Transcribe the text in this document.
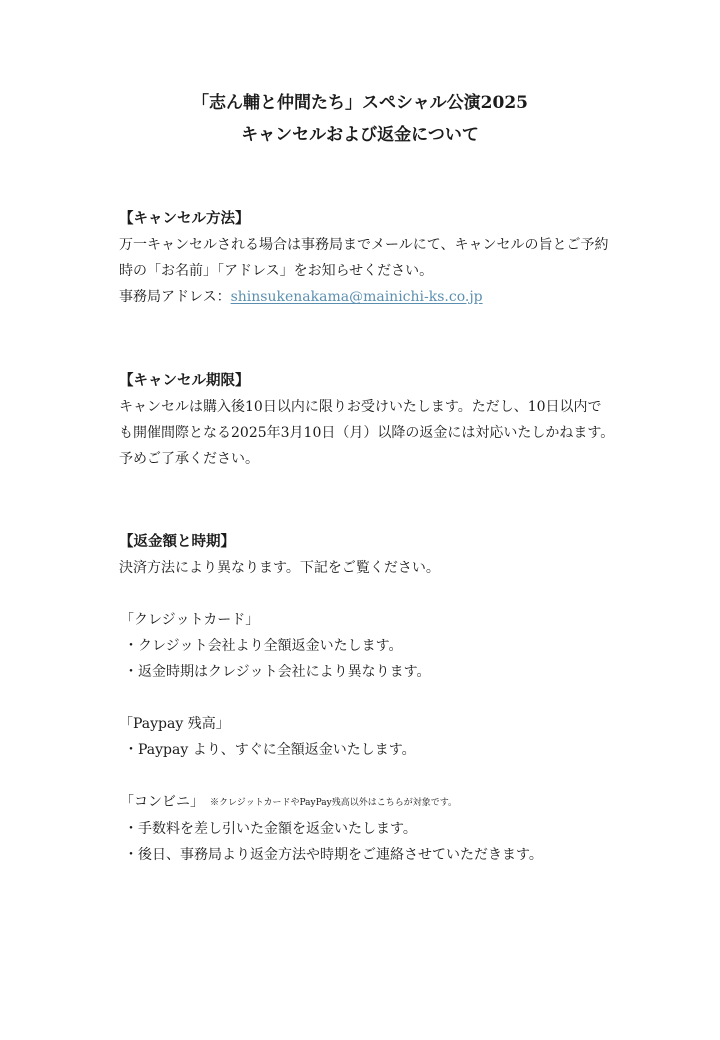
「志ん輔と仲間たち」スペシャル公演2025
キャンセルおよび返金について
【キャンセル方法】
万一キャンセルされる場合は事務局までメールにて、キャンセルの旨とご予約
時の「お名前」「アドレス」をお知らせください。
事務局アドレス：shinsukenakama@mainichi-ks.co.jp
【キャンセル期限】
キャンセルは購入後10日以内に限りお受けいたします。ただし、10日以内で
も開催間際となる2025年3月10日（月）以降の返金には対応いたしかねます。
予めご了承ください。
【返金額と時期】
決済方法により異なります。下記をご覧ください。
「クレジットカード」
・クレジット会社より全額返金いたします。
・返金時期はクレジット会社により異なります。
「Paypay 残高」
・Paypay より、すぐに全額返金いたします。
「コンビニ」 ※クレジットカードやPayPay残高以外はこちらが対象です。
・手数料を差し引いた金額を返金いたします。
・後日、事務局より返金方法や時期をご連絡させていただきます。
